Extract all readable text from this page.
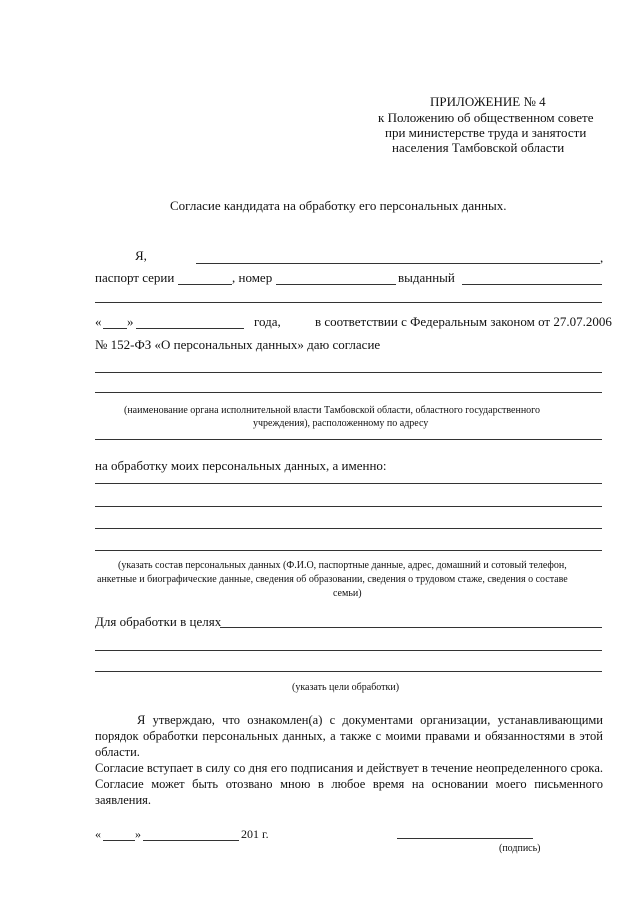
ПРИЛОЖЕНИЕ № 4
к Положению об общественном совете
при министерстве труда и занятости
населения Тамбовской области
Согласие кандидата на обработку его персональных данных.
Я,	,
паспорт серии	, номер	выданный
« »	года,	в соответствии с Федеральным законом от 27.07.2006
№ 152-ФЗ «О персональных данных» даю согласие
(наименование органа исполнительной власти Тамбовской области, областного государственного
учреждения), расположенному по адресу
на обработку моих персональных данных, а именно:
(указать состав персональных данных (Ф.И.О, паспортные данные, адрес, домашний и сотовый телефон,
анкетные и биографические данные, сведения об образовании, сведения о трудовом стаже, сведения о составе
семьи)
Для обработки в целях
(указать цели обработки)
Я утверждаю, что ознакомлен(а) с документами организации, устанавливающими порядок обработки персональных данных, а также с моими правами и обязанностями в этой области.
Согласие вступает в силу со дня его подписания и действует в течение неопределенного срока. Согласие может быть отозвано мною в любое время на основании моего письменного заявления.
«	»	201 г.
(подпись)
